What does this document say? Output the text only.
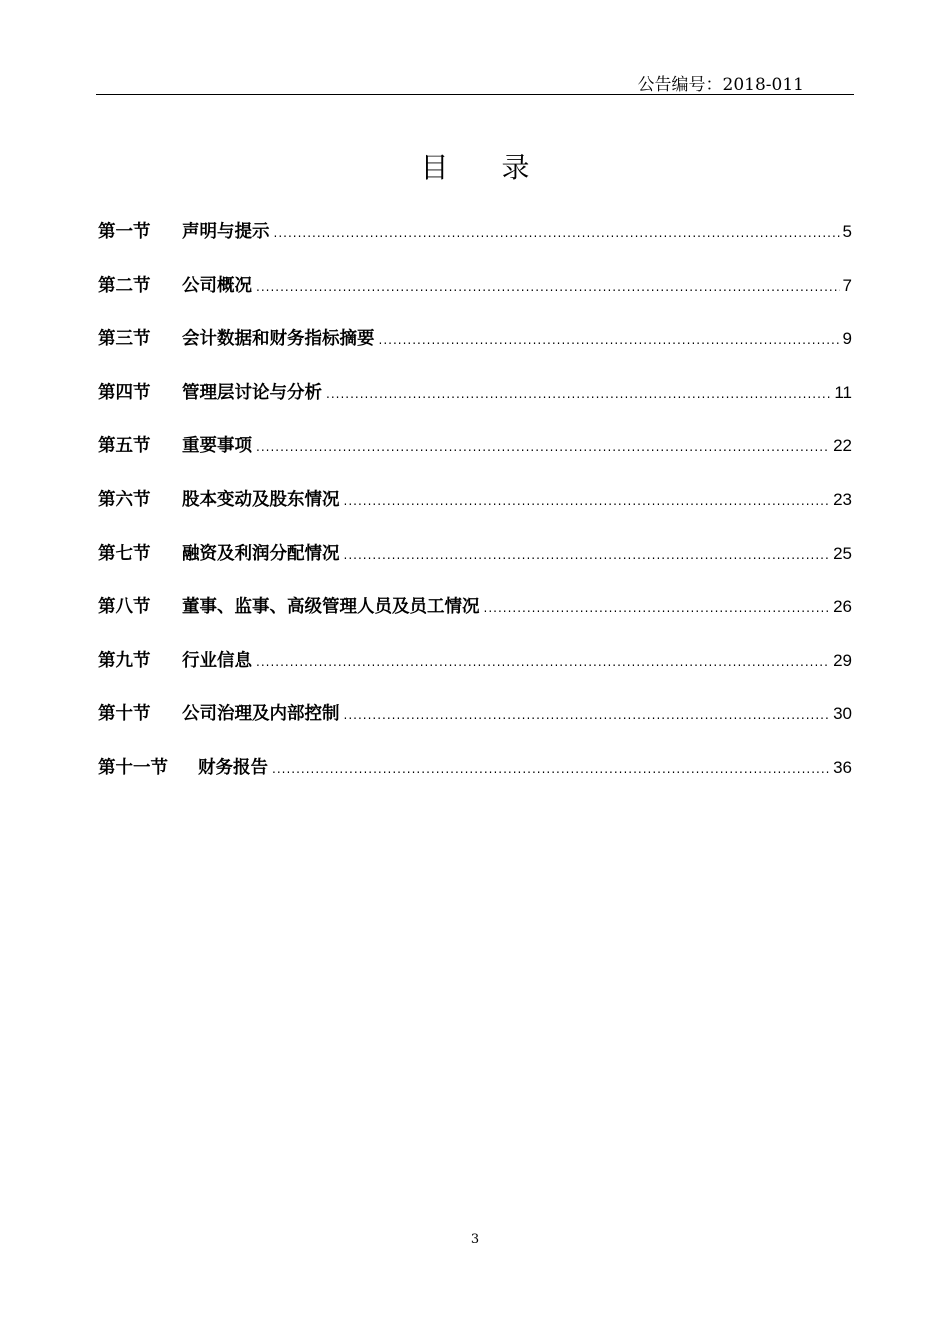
公告编号：2018-011
目 录
第一节	声明与提示 .....	5
第二节	公司概况 .....	7
第三节	会计数据和财务指标摘要 .....	9
第四节	管理层讨论与分析 .....	11
第五节	重要事项 .....	22
第六节	股本变动及股东情况 .....	23
第七节	融资及利润分配情况 .....	25
第八节	董事、监事、高级管理人员及员工情况 .....	26
第九节	行业信息 .....	29
第十节	公司治理及内部控制 .....	30
第十一节	财务报告 .....	36
3
